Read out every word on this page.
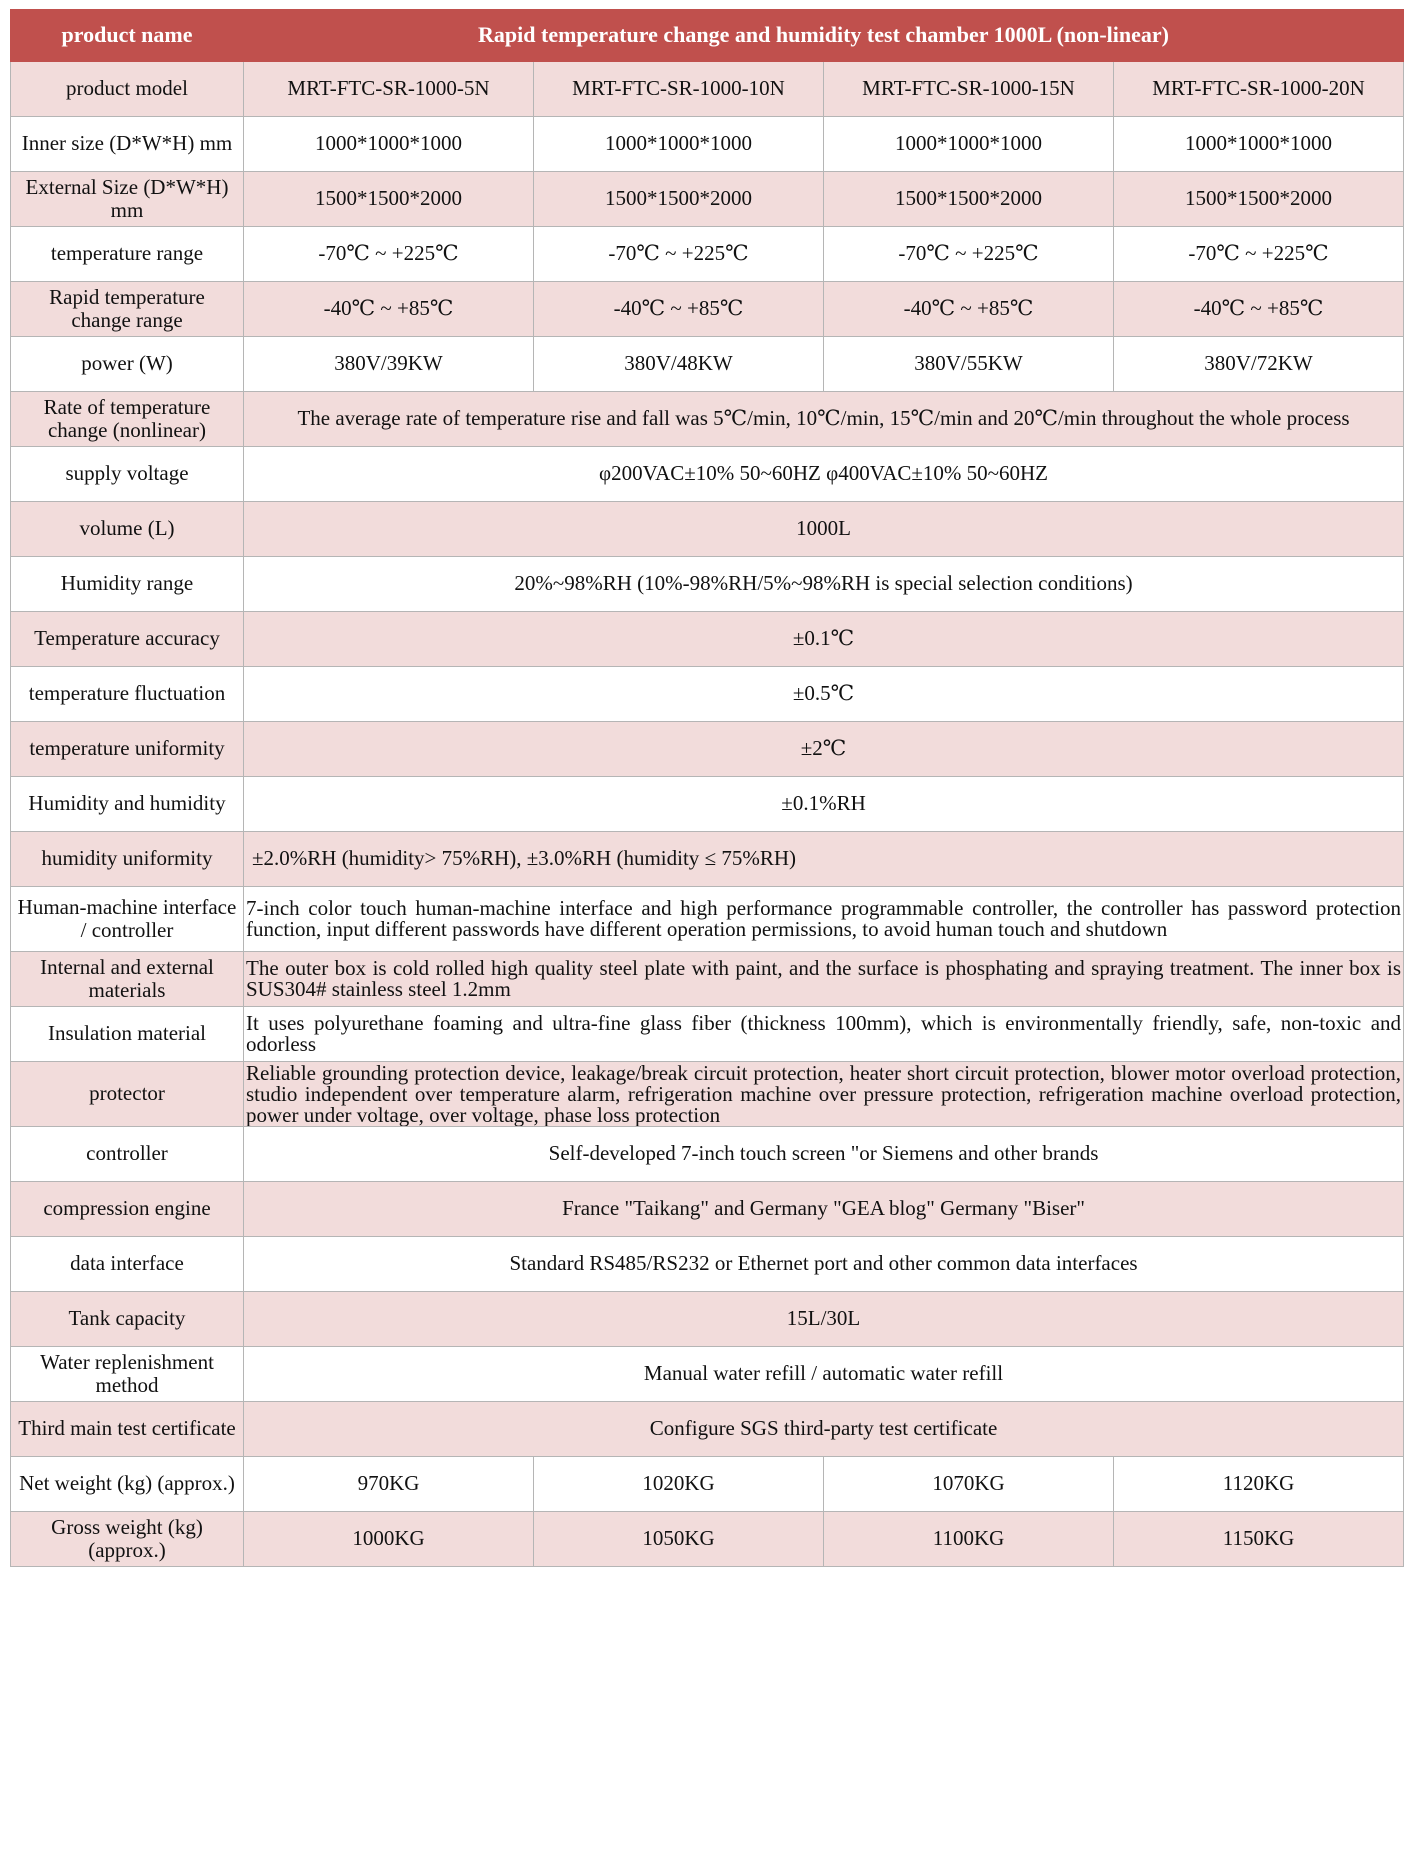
product name	Rapid temperature change and humidity test chamber 1000L (non-linear)			
product model	MRT-FTC-SR-1000-5N	MRT-FTC-SR-1000-10N	MRT-FTC-SR-1000-15N	MRT-FTC-SR-1000-20N
Inner size (D*W*H) mm	1000*1000*1000	1000*1000*1000	1000*1000*1000	1000*1000*1000
External Size (D*W*H) mm	1500*1500*2000	1500*1500*2000	1500*1500*2000	1500*1500*2000
temperature range	-70℃ ~ +225℃	-70℃ ~ +225℃	-70℃ ~ +225℃	-70℃ ~ +225℃
Rapid temperature change range	-40℃ ~ +85℃	-40℃ ~ +85℃	-40℃ ~ +85℃	-40℃ ~ +85℃
power (W)	380V/39KW	380V/48KW	380V/55KW	380V/72KW
Rate of temperature change (nonlinear)	The average rate of temperature rise and fall was 5℃/min, 10℃/min, 15℃/min and 20℃/min throughout the whole process			
supply voltage	φ200VAC±10% 50~60HZ φ400VAC±10% 50~60HZ			
volume (L)	1000L			
Humidity range	20%~98%RH (10%-98%RH/5%~98%RH is special selection conditions)			
Temperature accuracy	±0.1℃			
temperature fluctuation	±0.5℃			
temperature uniformity	±2℃			
Humidity and humidity	±0.1%RH			
humidity uniformity	±2.0%RH (humidity> 75%RH), ±3.0%RH (humidity ≤ 75%RH)			
Human-machine interface / controller	7-inch color touch human-machine interface and high performance programmable controller, the controller has password protection function, input different passwords have different operation permissions, to avoid human touch and shutdown			
Internal and external materials	The outer box is cold rolled high quality steel plate with paint, and the surface is phosphating and spraying treatment. The inner box is SUS304# stainless steel 1.2mm			
Insulation material	It uses polyurethane foaming and ultra-fine glass fiber (thickness 100mm), which is environmentally friendly, safe, non-toxic and odorless			
protector	Reliable grounding protection device, leakage/break circuit protection, heater short circuit protection, blower motor overload protection, studio independent over temperature alarm, refrigeration machine over pressure protection, refrigeration machine overload protection, power under voltage, over voltage, phase loss protection			
controller	Self-developed 7-inch touch screen "or Siemens and other brands			
compression engine	France "Taikang" and Germany "GEA blog" Germany "Biser"			
data interface	Standard RS485/RS232 or Ethernet port and other common data interfaces			
Tank capacity	15L/30L			
Water replenishment method	Manual water refill / automatic water refill			
Third main test certificate	Configure SGS third-party test certificate			
Net weight (kg) (approx.)	970KG	1020KG	1070KG	1120KG
Gross weight (kg) (approx.)	1000KG	1050KG	1100KG	1150KG
